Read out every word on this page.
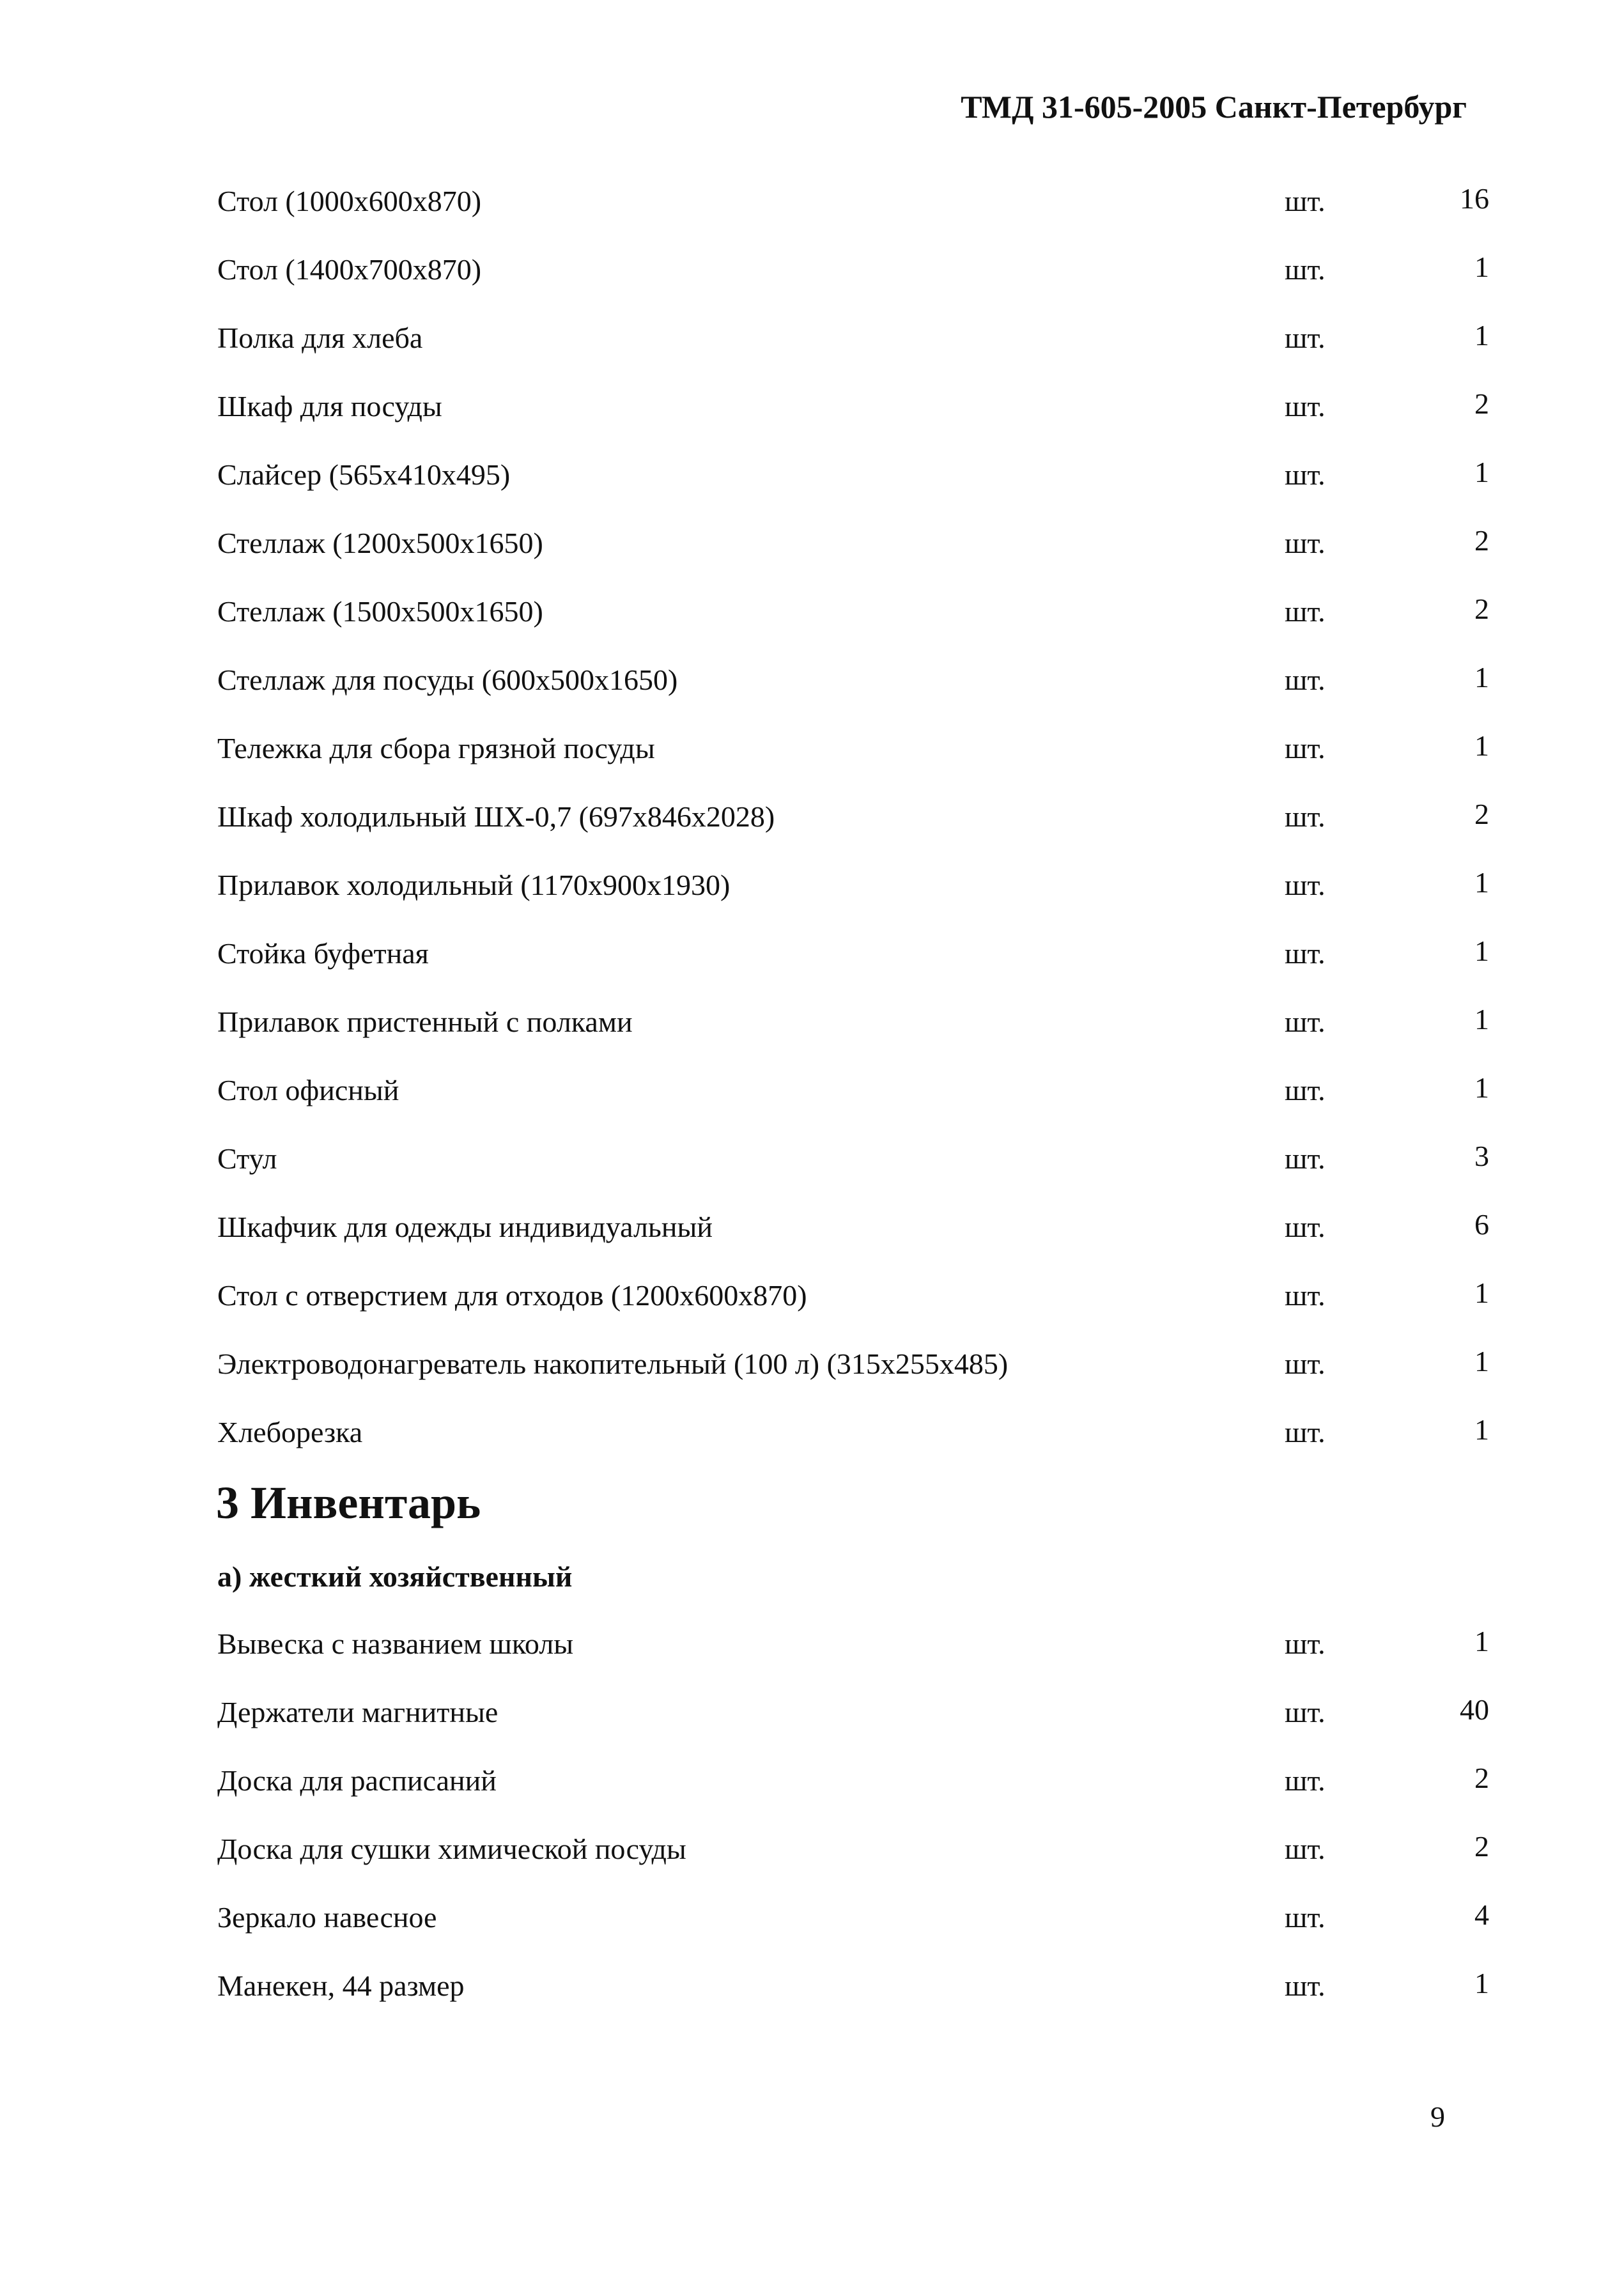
ТМД 31-605-2005 Санкт-Петербург
Стол (1000х600х870)	шт.	16
Стол (1400х700х870)	шт.	1
Полка для хлеба	шт.	1
Шкаф для посуды	шт.	2
Слайсер (565х410х495)	шт.	1
Стеллаж (1200х500х1650)	шт.	2
Стеллаж (1500х500х1650)	шт.	2
Стеллаж для посуды (600х500х1650)	шт.	1
Тележка для сбора грязной посуды	шт.	1
Шкаф холодильный ШХ-0,7 (697х846х2028)	шт.	2
Прилавок холодильный (1170х900х1930)	шт.	1
Стойка буфетная	шт.	1
Прилавок пристенный с полками	шт.	1
Стол офисный	шт.	1
Стул	шт.	3
Шкафчик для одежды индивидуальный	шт.	6
Стол с отверстием для отходов (1200х600х870)	шт.	1
Электроводонагреватель накопительный (100 л) (315х255х485)	шт.	1
Хлеборезка	шт.	1
3 Инвентарь
а) жесткий хозяйственный
Вывеска с названием школы	шт.	1
Держатели магнитные	шт.	40
Доска для расписаний	шт.	2
Доска для сушки химической посуды	шт.	2
Зеркало навесное	шт.	4
Манекен, 44 размер	шт.	1
9
